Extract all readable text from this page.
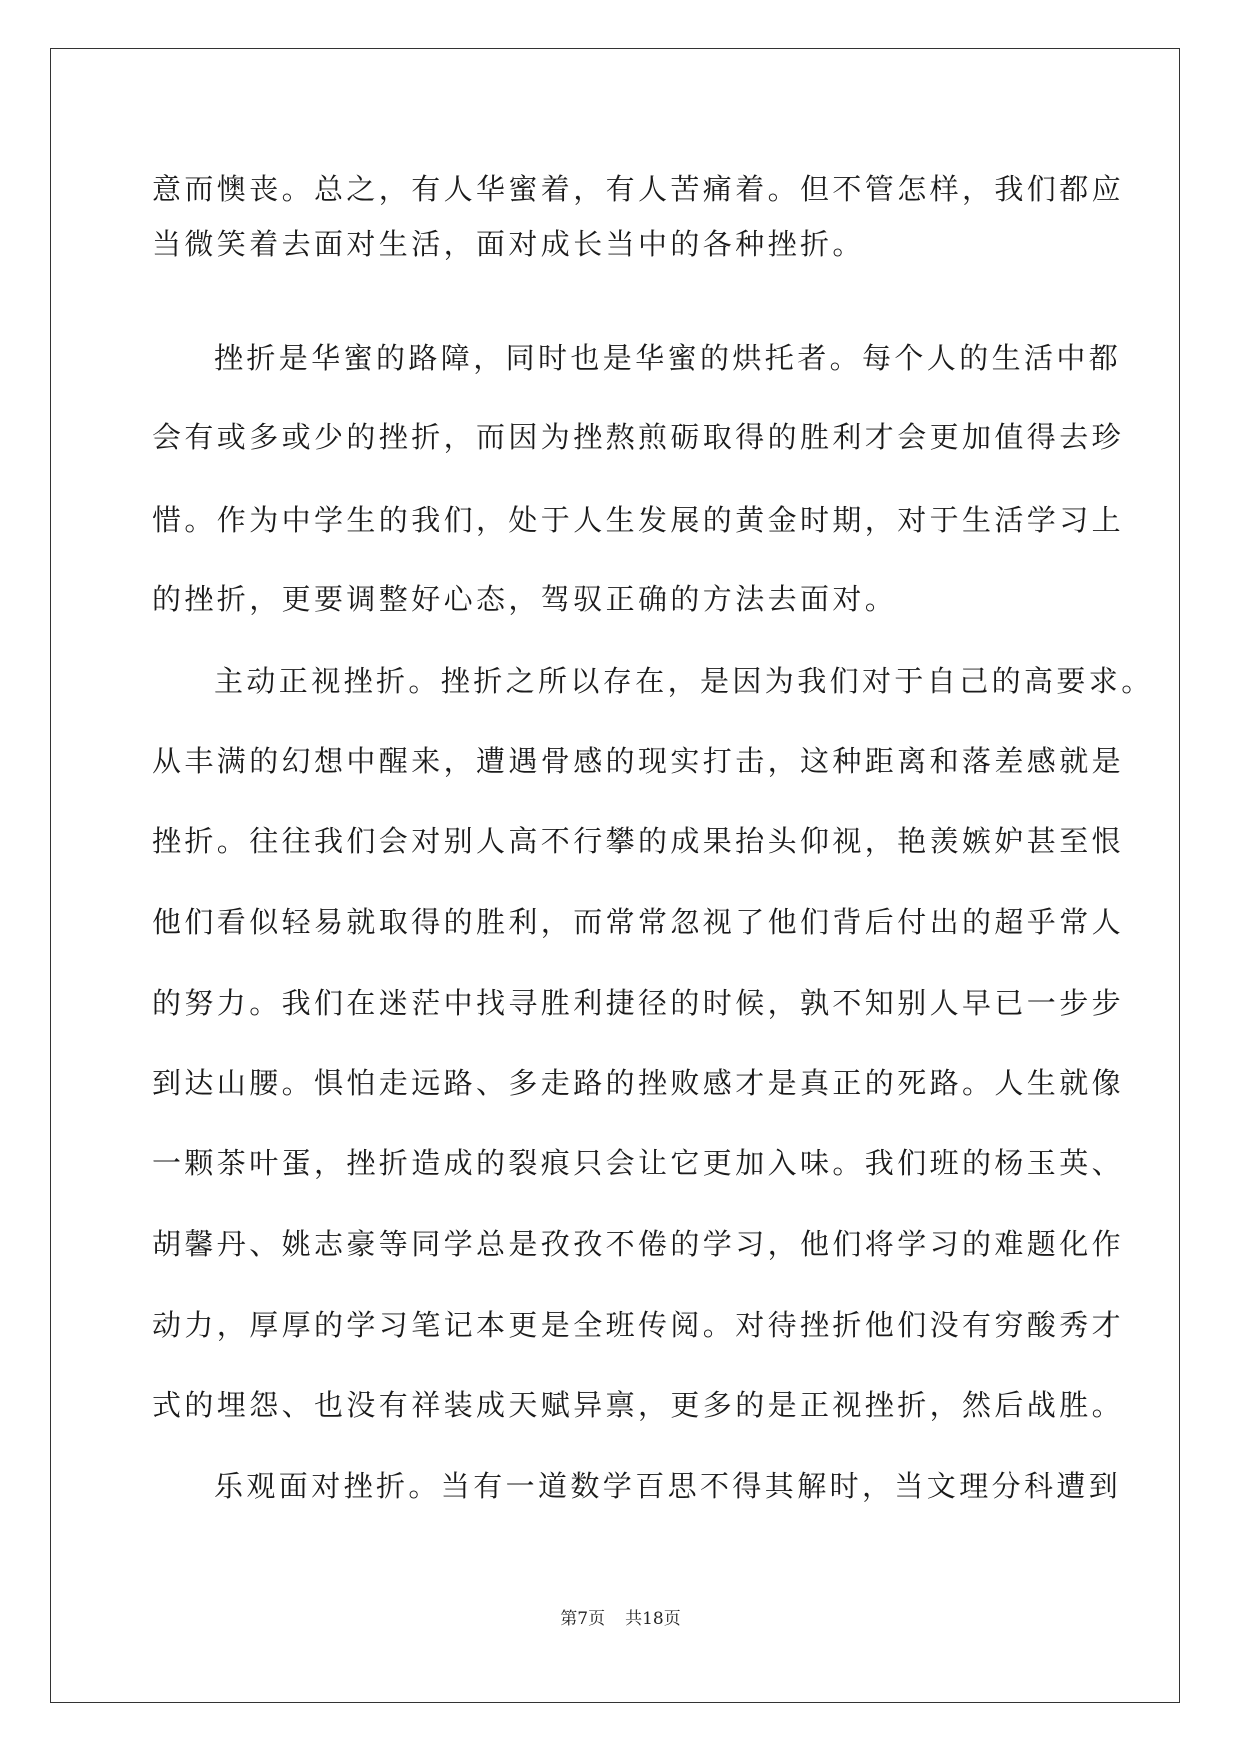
意而懊丧。总之，有人华蜜着，有人苦痛着。但不管怎样，我们都应
当微笑着去面对生活，面对成长当中的各种挫折。
挫折是华蜜的路障，同时也是华蜜的烘托者。每个人的生活中都
会有或多或少的挫折，而因为挫熬煎砺取得的胜利才会更加值得去珍
惜。作为中学生的我们，处于人生发展的黄金时期，对于生活学习上
的挫折，更要调整好心态，驾驭正确的方法去面对。
主动正视挫折。挫折之所以存在，是因为我们对于自己的高要求。
从丰满的幻想中醒来，遭遇骨感的现实打击，这种距离和落差感就是
挫折。往往我们会对别人高不行攀的成果抬头仰视，艳羡嫉妒甚至恨
他们看似轻易就取得的胜利，而常常忽视了他们背后付出的超乎常人
的努力。我们在迷茫中找寻胜利捷径的时候，孰不知别人早已一步步
到达山腰。惧怕走远路、多走路的挫败感才是真正的死路。人生就像
一颗茶叶蛋，挫折造成的裂痕只会让它更加入味。我们班的杨玉英、
胡馨丹、姚志豪等同学总是孜孜不倦的学习，他们将学习的难题化作
动力，厚厚的学习笔记本更是全班传阅。对待挫折他们没有穷酸秀才
式的埋怨、也没有祥装成天赋异禀，更多的是正视挫折，然后战胜。
乐观面对挫折。当有一道数学百思不得其解时，当文理分科遭到
第7页 共18页
